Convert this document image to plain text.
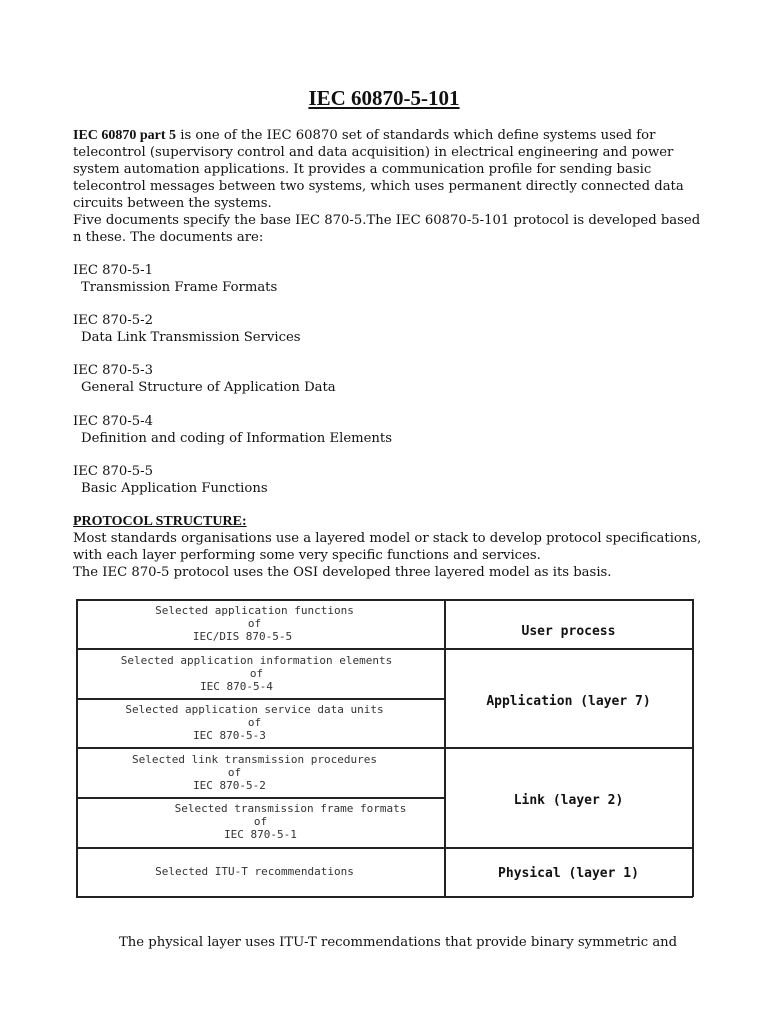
IEC 60870-5-101

IEC 60870 part 5 is one of the IEC 60870 set of standards which define systems used for telecontrol (supervisory control and data acquisition) in electrical engineering and power system automation applications. It provides a communication profile for sending basic telecontrol messages between two systems, which uses permanent directly connected data circuits between the systems.

Five documents specify the base IEC 870-5.The IEC 60870-5-101 protocol is developed based n these. The documents are:

IEC 870-5-1
Transmission Frame Formats
IEC 870-5-2
Data Link Transmission Services
IEC 870-5-3
General Structure of Application Data
IEC 870-5-4
Definition and coding of Information Elements
IEC 870-5-5
Basic Application Functions
PROTOCOL STRUCTURE:

Most standards organisations use a layered model or stack to develop protocol specifications, with each layer performing some very specific functions and services.

The IEC 870-5 protocol uses the OSI developed three layered model as its basis.

Selected application functions
of
IEC/DIS 870-5-5
Selected application information elements
of
IEC 870-5-4
Selected application service data units
of
IEC 870-5-3
Selected link transmission procedures
of
IEC 870-5-2
Selected transmission frame formats
of
IEC 870-5-1
Selected ITU-T recommendations
User process
Application (layer 7)
Link (layer 2)
Physical (layer 1)
The physical layer uses ITU-T recommendations that provide binary symmetric and
